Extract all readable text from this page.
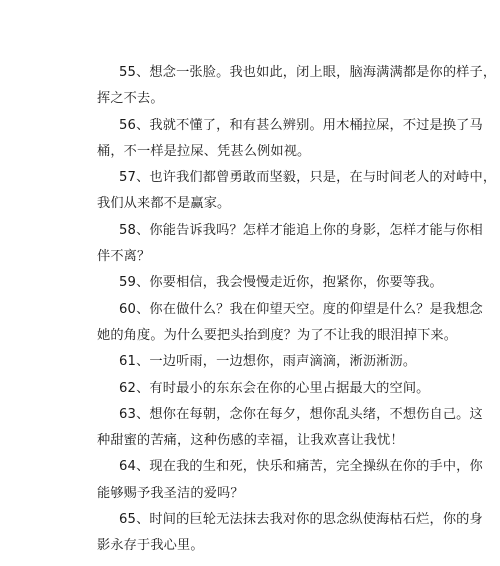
55、想念一张脸。我也如此，闭上眼，脑海满满都是你的样子，
挥之不去。
56、我就不懂了，和有甚么辨别。用木桶拉屎，不过是换了马
桶，不一样是拉屎、凭甚么例如视。
57、也许我们都曾勇敢而坚毅，只是，在与时间老人的对峙中，
我们从来都不是赢家。
58、你能告诉我吗？怎样才能追上你的身影，怎样才能与你相
伴不离？
59、你要相信，我会慢慢走近你，抱紧你，你要等我。
60、你在做什么？我在仰望天空。度的仰望是什么？是我想念
她的角度。为什么要把头抬到度？为了不让我的眼泪掉下来。
61、一边听雨，一边想你，雨声滴滴，淅沥淅沥。
62、有时最小的东东会在你的心里占据最大的空间。
63、想你在每朝，念你在每夕，想你乱头绪，不想伤自己。这
种甜蜜的苦痛，这种伤感的幸福，让我欢喜让我忧！
64、现在我的生和死，快乐和痛苦，完全操纵在你的手中，你
能够赐予我圣洁的爱吗？
65、时间的巨轮无法抹去我对你的思念纵使海枯石烂，你的身
影永存于我心里。
